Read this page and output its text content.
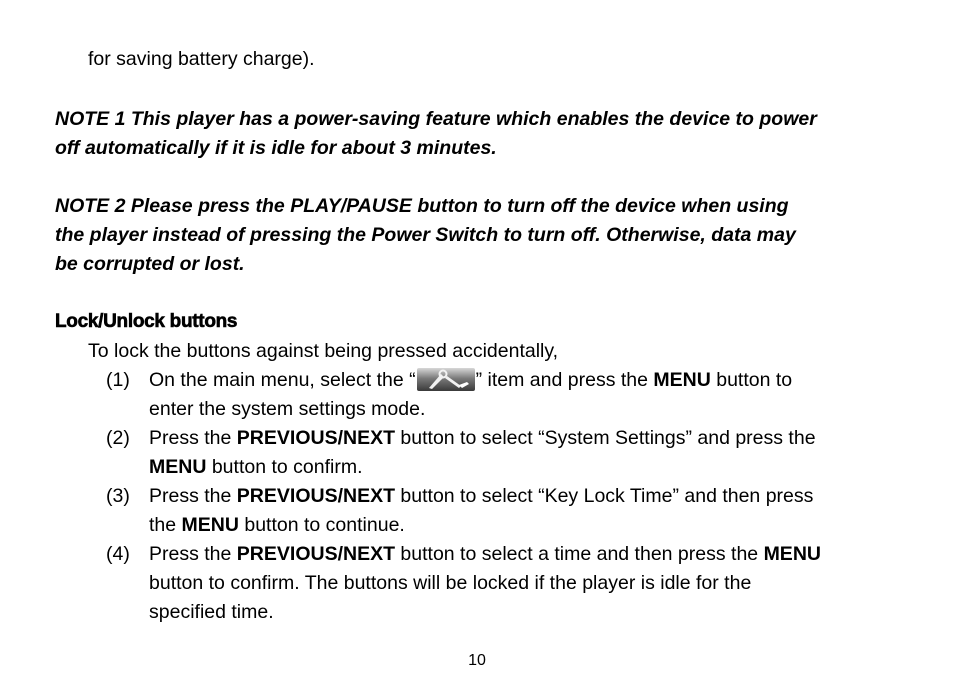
for saving battery charge).
NOTE 1 This player has a power-saving feature which enables the device to power
off automatically if it is idle for about 3 minutes.
NOTE 2 Please press the PLAY/PAUSE button to turn off the device when using
the player instead of pressing the Power Switch to turn off. Otherwise, data may
be corrupted or lost.
Lock/Unlock buttons
To lock the buttons against being pressed accidentally,
(1) On the main menu, select the “	” item and press the MENU button to
enter the system settings mode.
(2) Press the PREVIOUS/NEXT button to select “System Settings” and press the
MENU button to confirm.
(3) Press the PREVIOUS/NEXT button to select “Key Lock Time” and then press
the MENU button to continue.
(4) Press the PREVIOUS/NEXT button to select a time and then press the MENU
button to confirm. The buttons will be locked if the player is idle for the
specified time.
10
